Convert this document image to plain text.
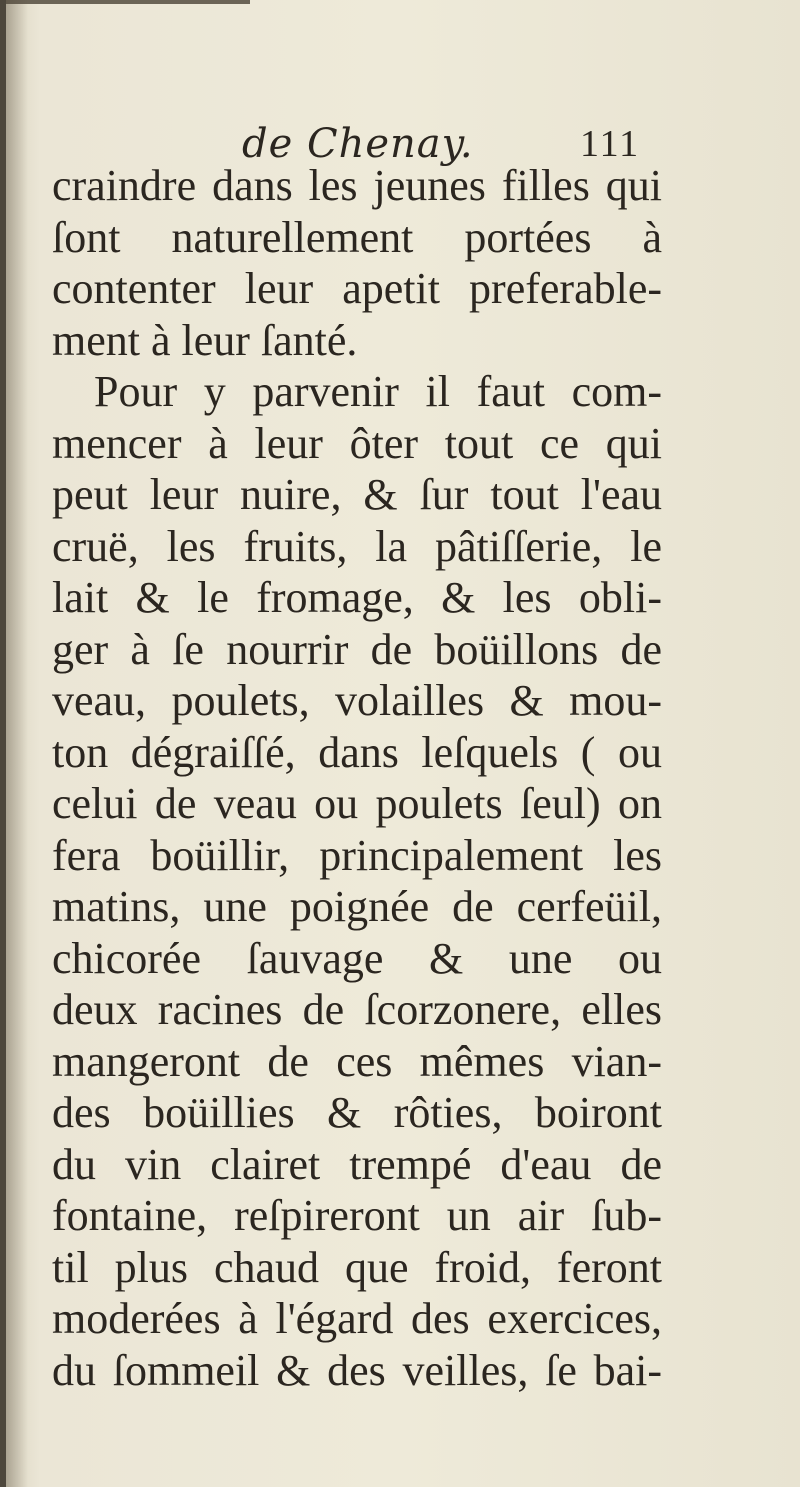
de Chenay.	111
craindre dans les jeunes filles qui
ſont naturellement portées à
contenter leur apetit preferable-
ment à leur ſanté.
Pour y parvenir il faut com-
mencer à leur ôter tout ce qui
peut leur nuire, & ſur tout l'eau
cruë, les fruits, la pâtiſſerie, le
lait & le fromage, & les obli-
ger à ſe nourrir de boüillons de
veau, poulets, volailles & mou-
ton dégraiſſé, dans leſquels ( ou
celui de veau ou poulets ſeul) on
fera boüillir, principalement les
matins, une poignée de cerfeüil,
chicorée ſauvage & une ou
deux racines de ſcorzonere, elles
mangeront de ces mêmes vian-
des boüillies & rôties, boiront
du vin clairet trempé d'eau de
fontaine, reſpireront un air ſub-
til plus chaud que froid, feront
moderées à l'égard des exercices,
du ſommeil & des veilles, ſe bai-
